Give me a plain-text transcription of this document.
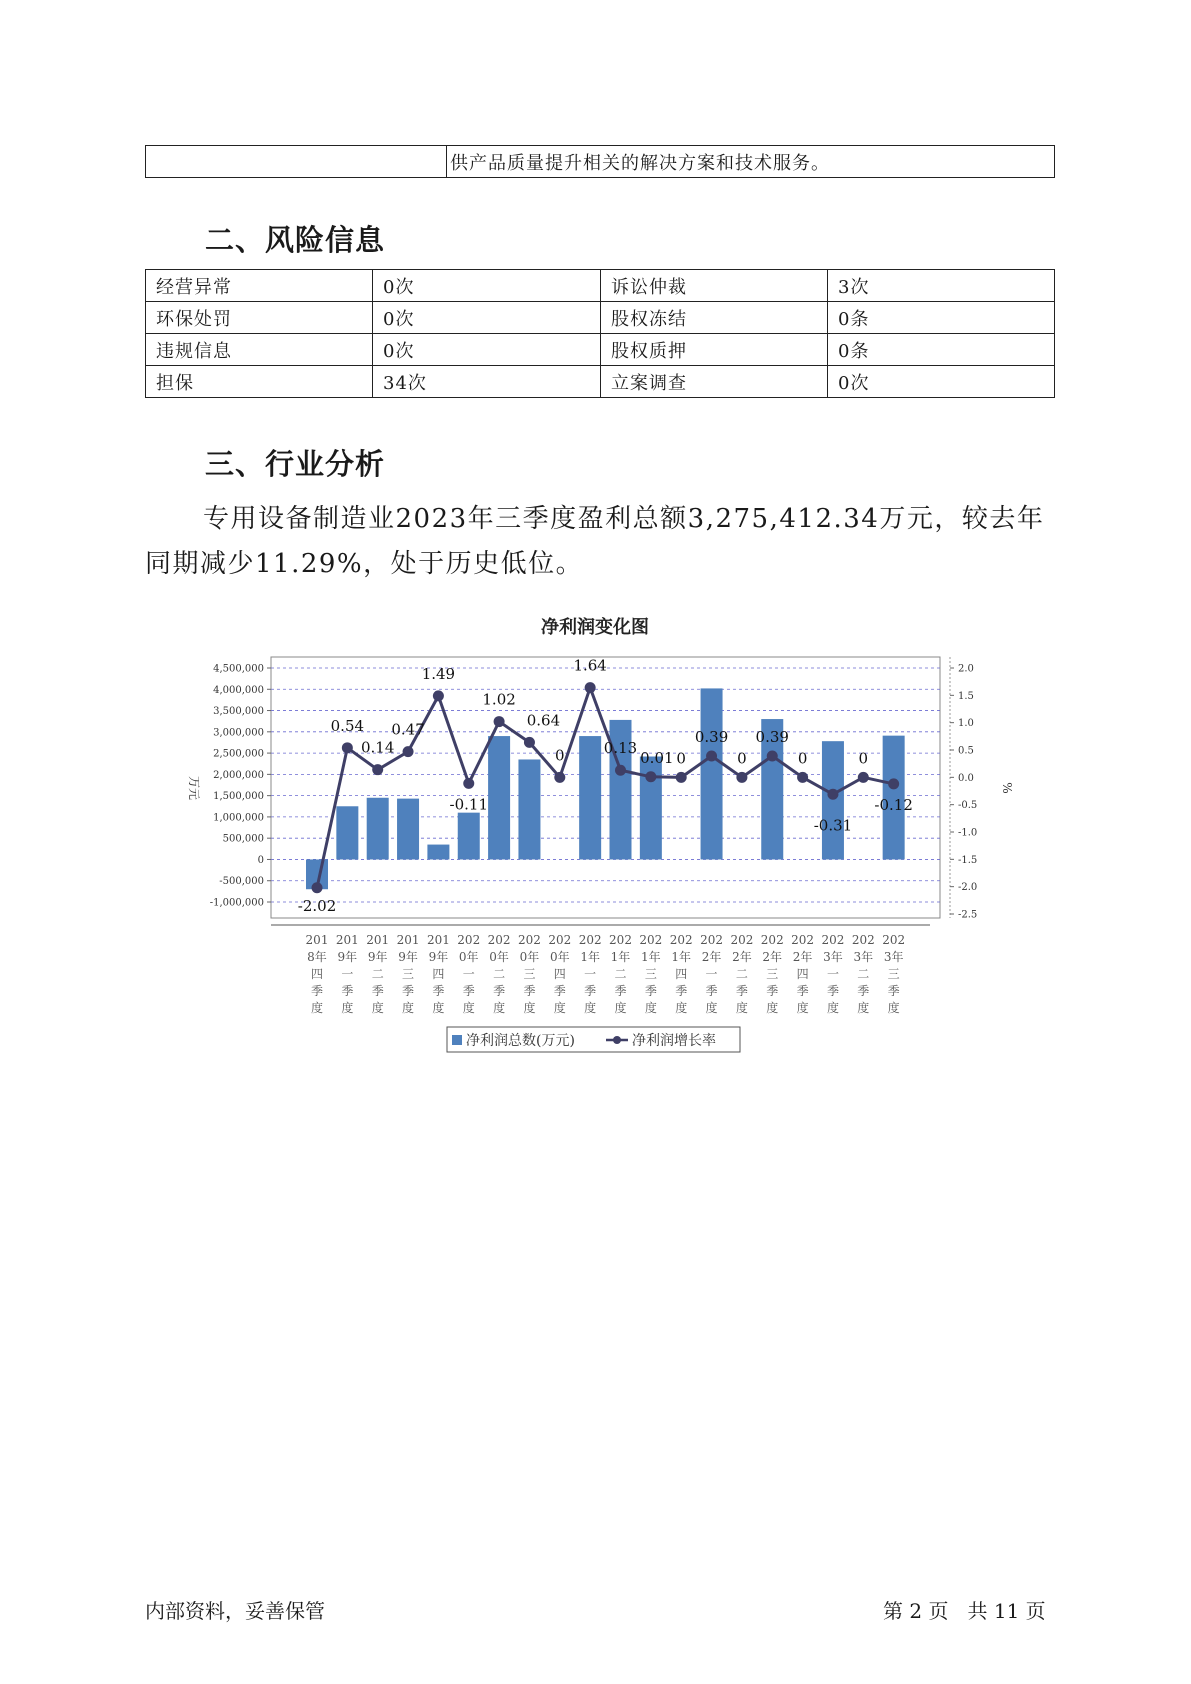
	供产品质量提升相关的解决方案和技术服务。
二、风险信息
经营异常	0次	诉讼仲裁	3次
环保处罚	0次	股权冻结	0条
违规信息	0次	股权质押	0条
担保	34次	立案调查	0次
三、行业分析
专用设备制造业2023年三季度盈利总额3,275,412.34万元，较去年同期减少11.29%，处于历史低位。
净利润变化图
4,500,000
4,000,000
3,500,000
3,000,000
2,500,000
2,000,000
1,500,000
1,000,000
500,000
0
-500,000
-1,000,000
2.0
1.5
1.0
0.5
0.0
-0.5
-1.0
-1.5
-2.0
-2.5
万元	%
-2.02
0.54
0.14
0.47
1.49
-0.11
1.02
0.64
0
1.64
0.13
0.01 0
0.39
0
0.39
0
-0.31
0
-0.12
201
8年
四
季
度
201
9年
一
季
度
201
9年
二
季
度
201
9年
三
季
度
201
9年
四
季
度
202
0年
一
季
度
202
0年
二
季
度
202
0年
三
季
度
202
0年
四
季
度
202
1年
一
季
度
202
1年
二
季
度
202
1年
三
季
度
202
1年
四
季
度
202
2年
一
季
度
202
2年
二
季
度
202
2年
三
季
度
202
2年
四
季
度
202
3年
一
季
度
202
3年
二
季
度
202
3年
三
季
度
净利润总数(万元)	净利润增长率
内部资料，妥善保管	第 2 页   共 11 页
